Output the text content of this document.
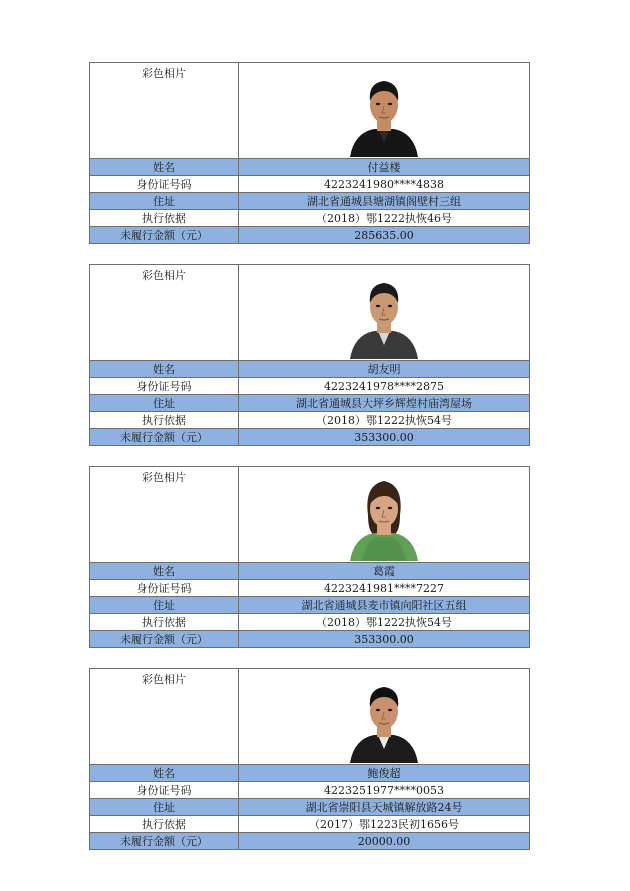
彩色相片	

姓名	付益楼
身份证号码	4223241980****4838
住址	湖北省通城县塘湖镇阁壁村三组
执行依据	（2018）鄂1222执恢46号
未履行金额（元）	285635.00
彩色相片	

姓名	胡友明
身份证号码	4223241978****2875
住址	湖北省通城县大坪乡辉煌村庙湾屋场
执行依据	（2018）鄂1222执恢54号
未履行金额（元）	353300.00
彩色相片	

姓名	葛霞
身份证号码	4223241981****7227
住址	湖北省通城县麦市镇向阳社区五组
执行依据	（2018）鄂1222执恢54号
未履行金额（元）	353300.00
彩色相片	

姓名	鲍俊超
身份证号码	4223251977****0053
住址	湖北省崇阳县天城镇解放路24号
执行依据	（2017）鄂1223民初1656号
未履行金额（元）	20000.00
